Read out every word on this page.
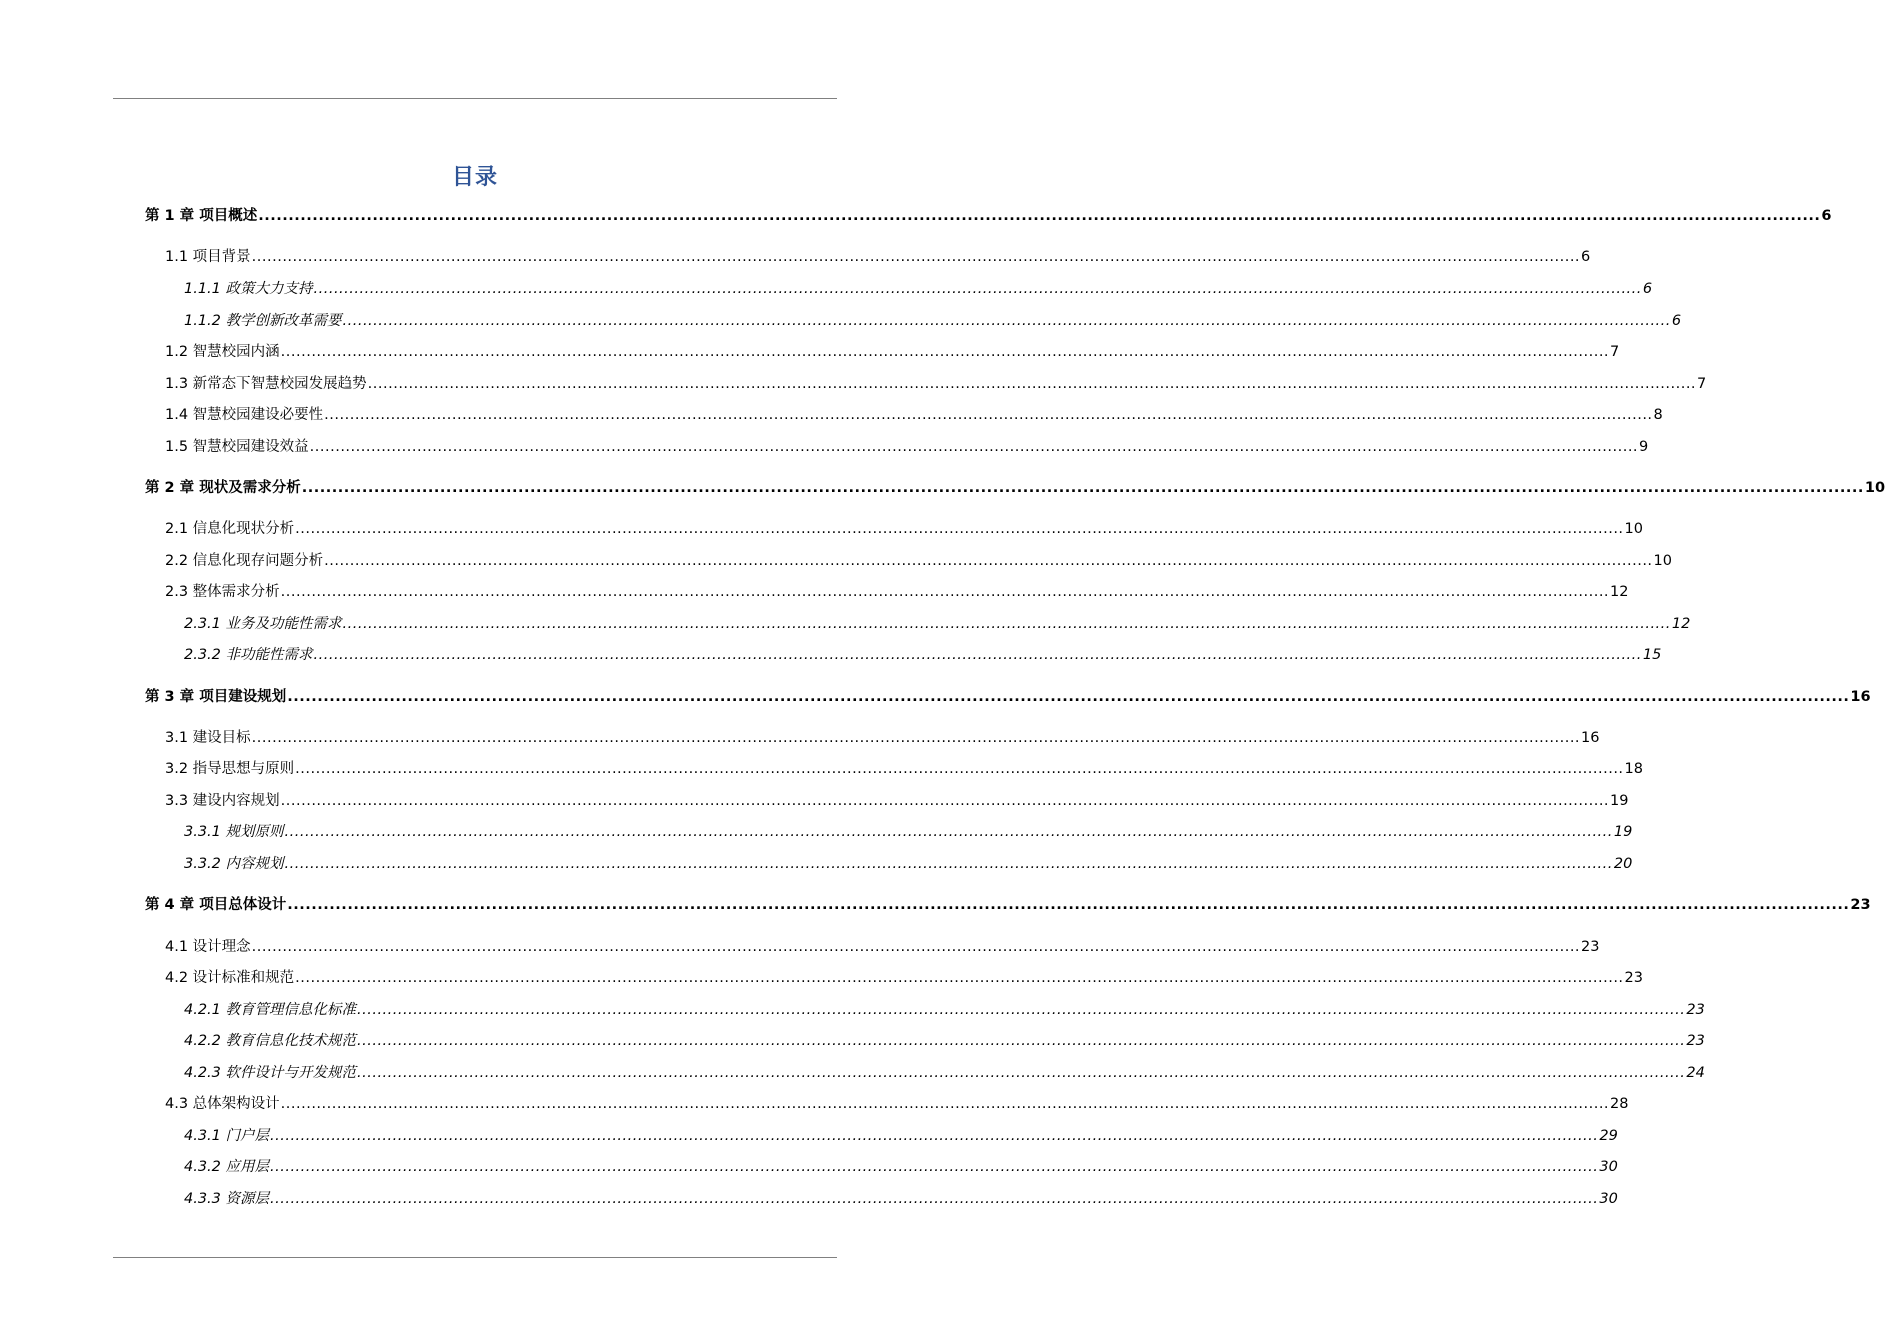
目录
第 1 章 项目概述 .................................................................................................................................................................................................................................................................... 6
1.1 项目背景 .................................................................................................................................................................................................................................................................... 6
1.1.1 政策大力支持 .................................................................................................................................................................................................................................................................... 6
1.1.2 教学创新改革需要 .................................................................................................................................................................................................................................................................... 6
1.2 智慧校园内涵 .................................................................................................................................................................................................................................................................... 7
1.3 新常态下智慧校园发展趋势 .................................................................................................................................................................................................................................................................... 7
1.4 智慧校园建设必要性 .................................................................................................................................................................................................................................................................... 8
1.5 智慧校园建设效益 .................................................................................................................................................................................................................................................................... 9
第 2 章 现状及需求分析 .................................................................................................................................................................................................................................................................... 10
2.1 信息化现状分析 .................................................................................................................................................................................................................................................................... 10
2.2 信息化现存问题分析 .................................................................................................................................................................................................................................................................... 10
2.3 整体需求分析 .................................................................................................................................................................................................................................................................... 12
2.3.1 业务及功能性需求 .................................................................................................................................................................................................................................................................... 12
2.3.2 非功能性需求 .................................................................................................................................................................................................................................................................... 15
第 3 章 项目建设规划 .................................................................................................................................................................................................................................................................... 16
3.1 建设目标 .................................................................................................................................................................................................................................................................... 16
3.2 指导思想与原则 .................................................................................................................................................................................................................................................................... 18
3.3 建设内容规划 .................................................................................................................................................................................................................................................................... 19
3.3.1 规划原则 .................................................................................................................................................................................................................................................................... 19
3.3.2 内容规划 .................................................................................................................................................................................................................................................................... 20
第 4 章 项目总体设计 .................................................................................................................................................................................................................................................................... 23
4.1 设计理念 .................................................................................................................................................................................................................................................................... 23
4.2 设计标准和规范 .................................................................................................................................................................................................................................................................... 23
4.2.1 教育管理信息化标准 .................................................................................................................................................................................................................................................................... 23
4.2.2 教育信息化技术规范 .................................................................................................................................................................................................................................................................... 23
4.2.3 软件设计与开发规范 .................................................................................................................................................................................................................................................................... 24
4.3 总体架构设计 .................................................................................................................................................................................................................................................................... 28
4.3.1 门户层 .................................................................................................................................................................................................................................................................... 29
4.3.2 应用层 .................................................................................................................................................................................................................................................................... 30
4.3.3 资源层 .................................................................................................................................................................................................................................................................... 30
